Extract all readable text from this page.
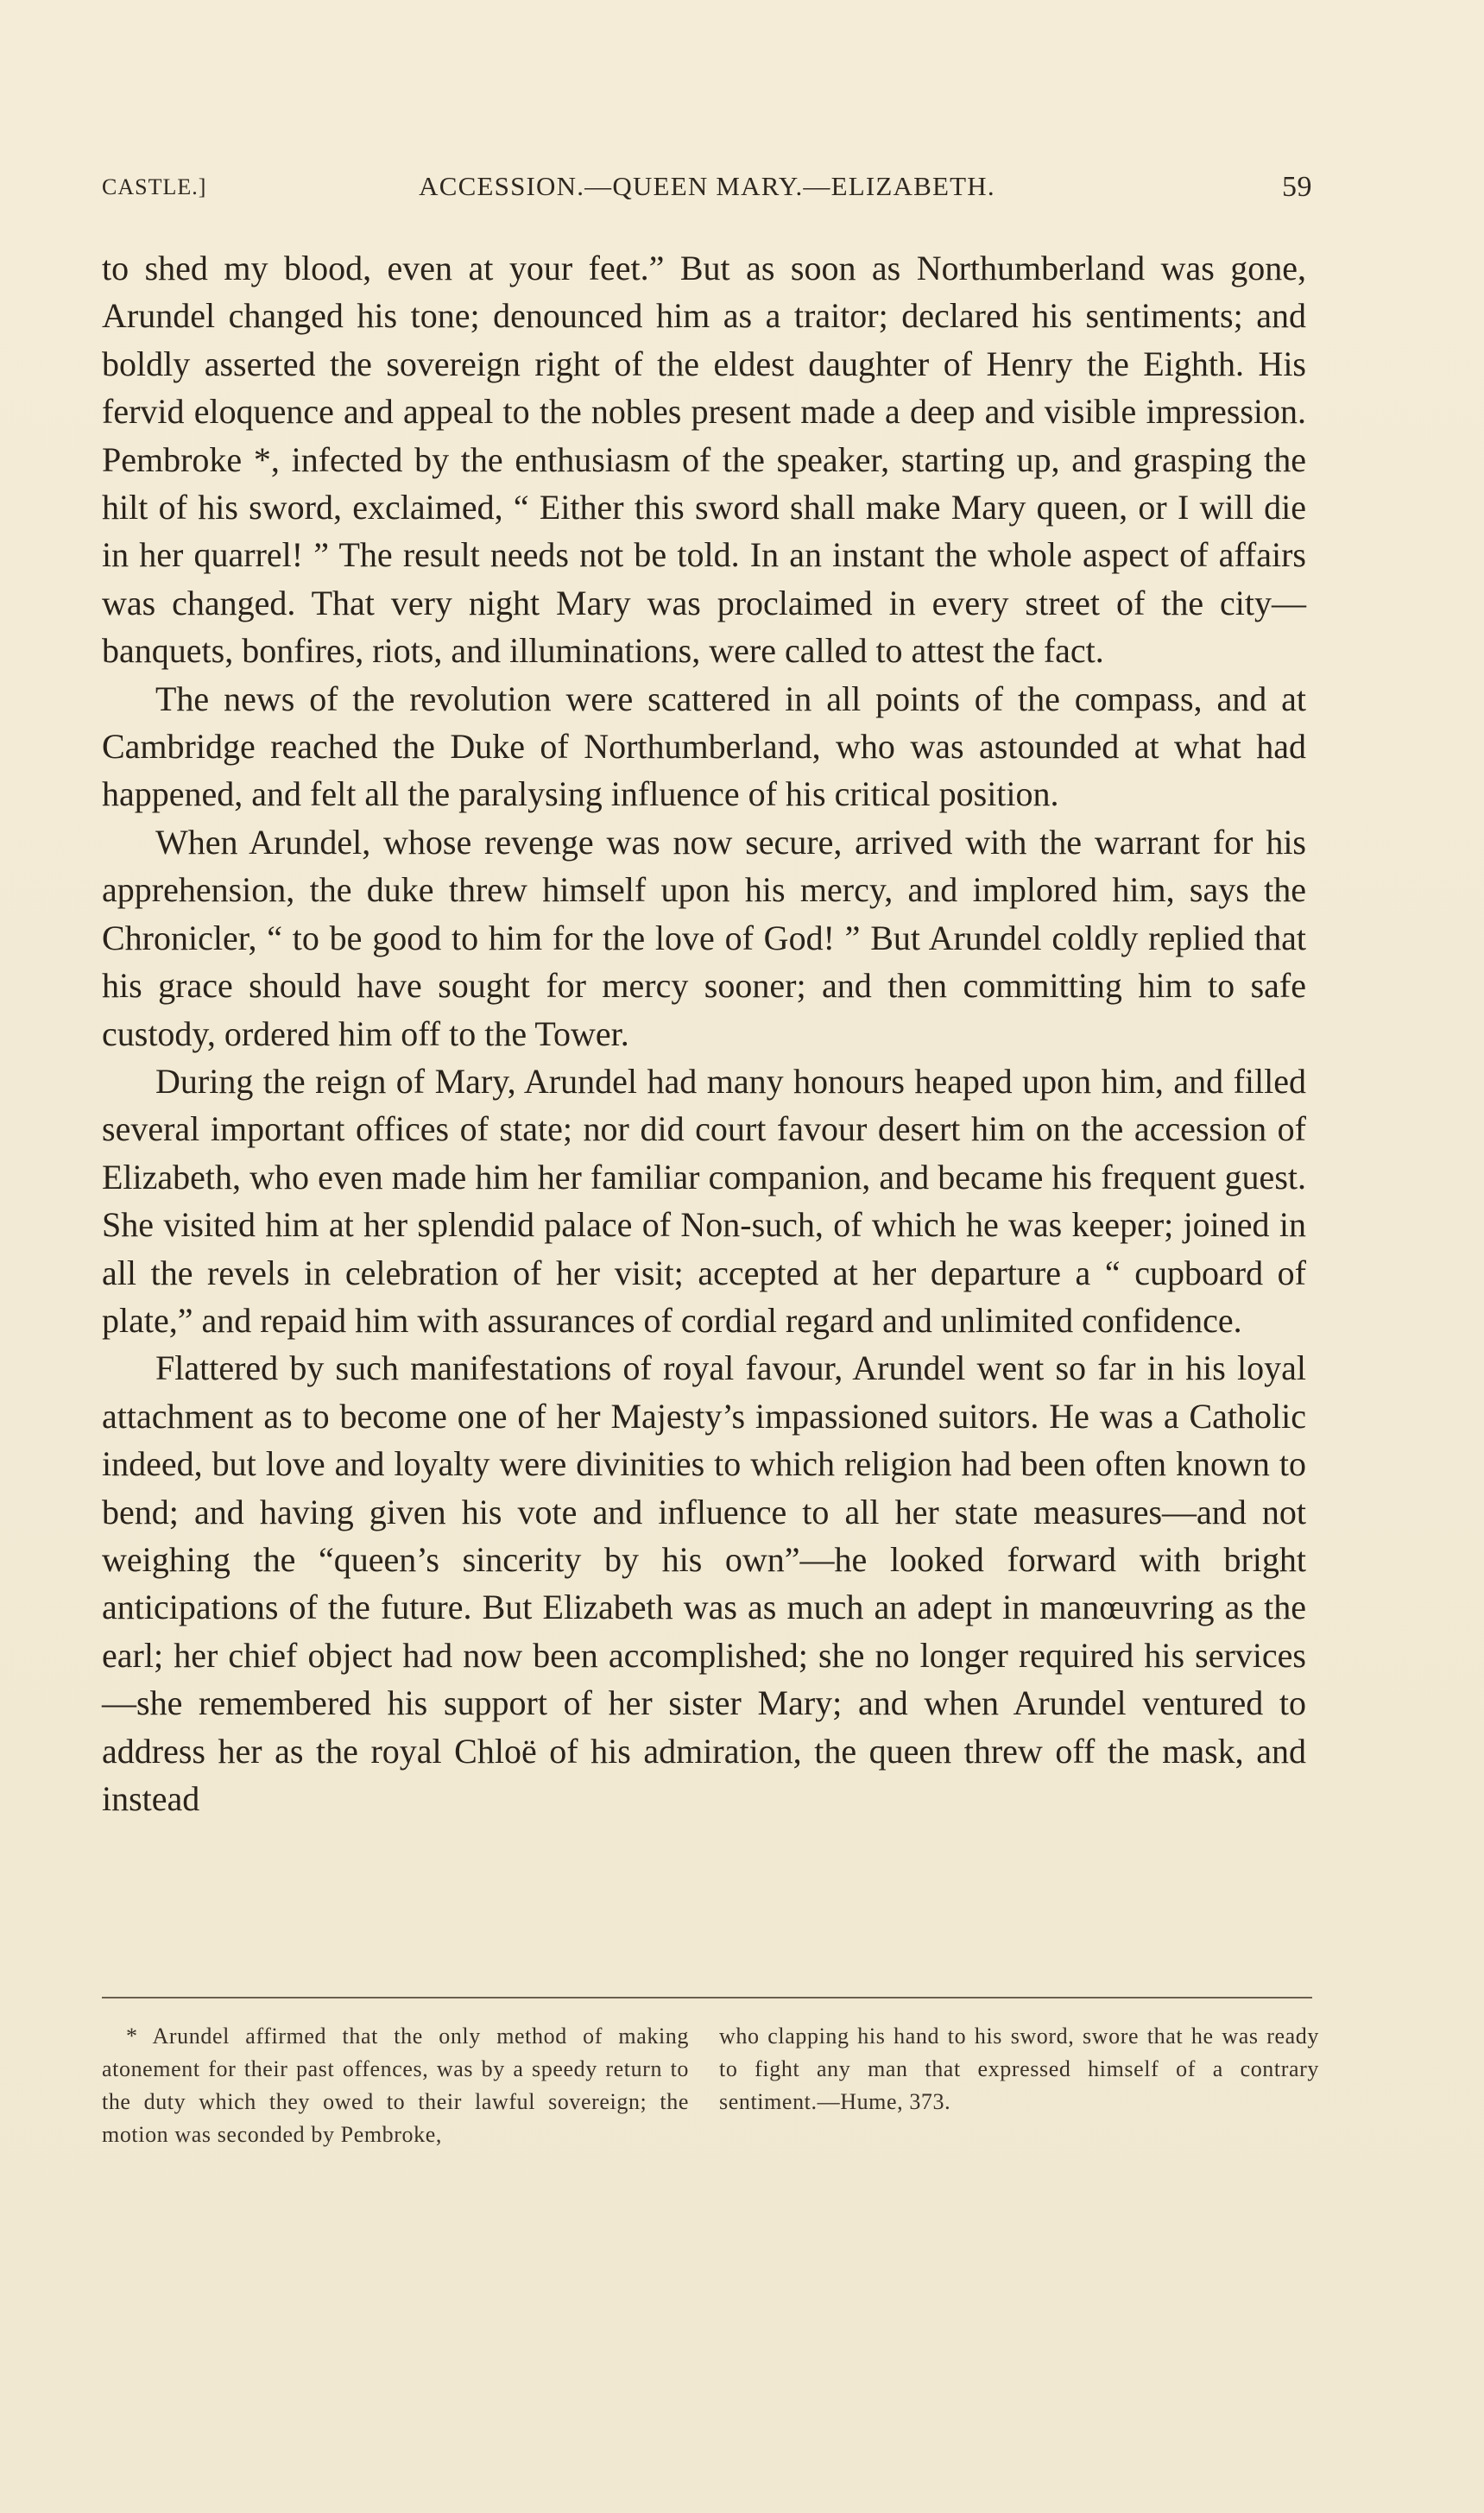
CASTLE.]	ACCESSION.—QUEEN MARY.—ELIZABETH.	59

to shed my blood, even at your feet.” But as soon as Northumberland was gone, Arundel changed his tone; denounced him as a traitor; declared his sentiments; and boldly asserted the sovereign right of the eldest daughter of Henry the Eighth. His fervid eloquence and appeal to the nobles present made a deep and visible impression. Pembroke *, infected by the enthusiasm of the speaker, starting up, and grasping the hilt of his sword, exclaimed, “ Either this sword shall make Mary queen, or I will die in her quarrel! ” The result needs not be told. In an instant the whole aspect of affairs was changed. That very night Mary was proclaimed in every street of the city—banquets, bonfires, riots, and illuminations, were called to attest the fact.

The news of the revolution were scattered in all points of the compass, and at Cambridge reached the Duke of Northumberland, who was astounded at what had happened, and felt all the paralysing influence of his critical position.

When Arundel, whose revenge was now secure, arrived with the warrant for his apprehension, the duke threw himself upon his mercy, and implored him, says the Chronicler, “ to be good to him for the love of God! ” But Arundel coldly replied that his grace should have sought for mercy sooner; and then committing him to safe custody, ordered him off to the Tower.

During the reign of Mary, Arundel had many honours heaped upon him, and filled several important offices of state; nor did court favour desert him on the accession of Elizabeth, who even made him her familiar companion, and became his frequent guest. She visited him at her splendid palace of Non-such, of which he was keeper; joined in all the revels in celebration of her visit; accepted at her departure a “ cupboard of plate,” and repaid him with assurances of cordial regard and unlimited confidence.

Flattered by such manifestations of royal favour, Arundel went so far in his loyal attachment as to become one of her Majesty’s impassioned suitors. He was a Catholic indeed, but love and loyalty were divinities to which religion had been often known to bend; and having given his vote and influence to all her state measures—and not weighing the “queen’s sincerity by his own”—he looked forward with bright anticipations of the future. But Elizabeth was as much an adept in manœuvring as the earl; her chief object had now been accomplished; she no longer required his services—she remembered his support of her sister Mary; and when Arundel ventured to address her as the royal Chloë of his admiration, the queen threw off the mask, and instead

* Arundel affirmed that the only method of making atonement for their past offences, was by a speedy return to the duty which they owed to their lawful sovereign; the motion was seconded by Pembroke,

who clapping his hand to his sword, swore that he was ready to fight any man that expressed himself of a contrary sentiment.—Hume, 373.
